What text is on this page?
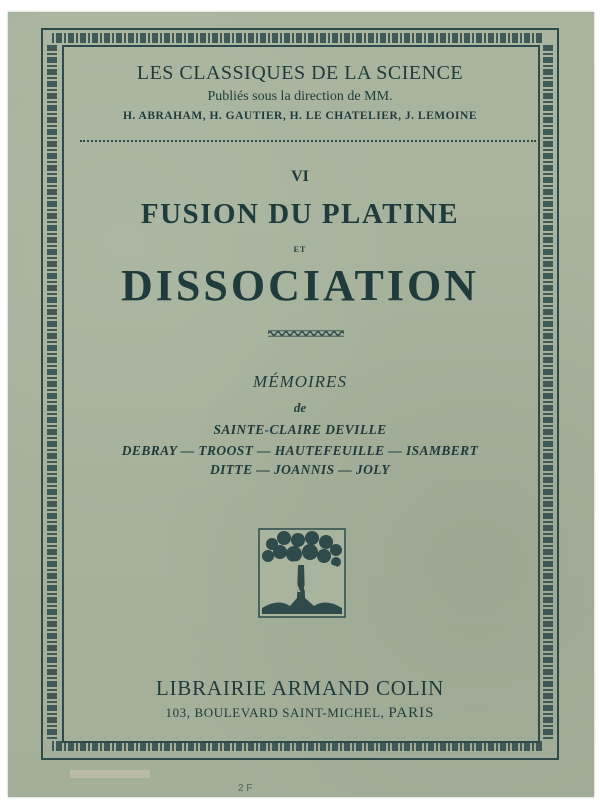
LES CLASSIQUES DE LA SCIENCE
Publiés sous la direction de MM.
H. ABRAHAM, H. GAUTIER, H. LE CHATELIER, J. LEMOINE
VI
FUSION DU PLATINE
ET
DISSOCIATION
MÉMOIRES
de
SAINTE-CLAIRE DEVILLE
DEBRAY — TROOST — HAUTEFEUILLE — ISAMBERT
DITTE — JOANNIS — JOLY
A C
LIBRAIRIE ARMAND COLIN
103, BOULEVARD SAINT-MICHEL, PARIS
2 F
